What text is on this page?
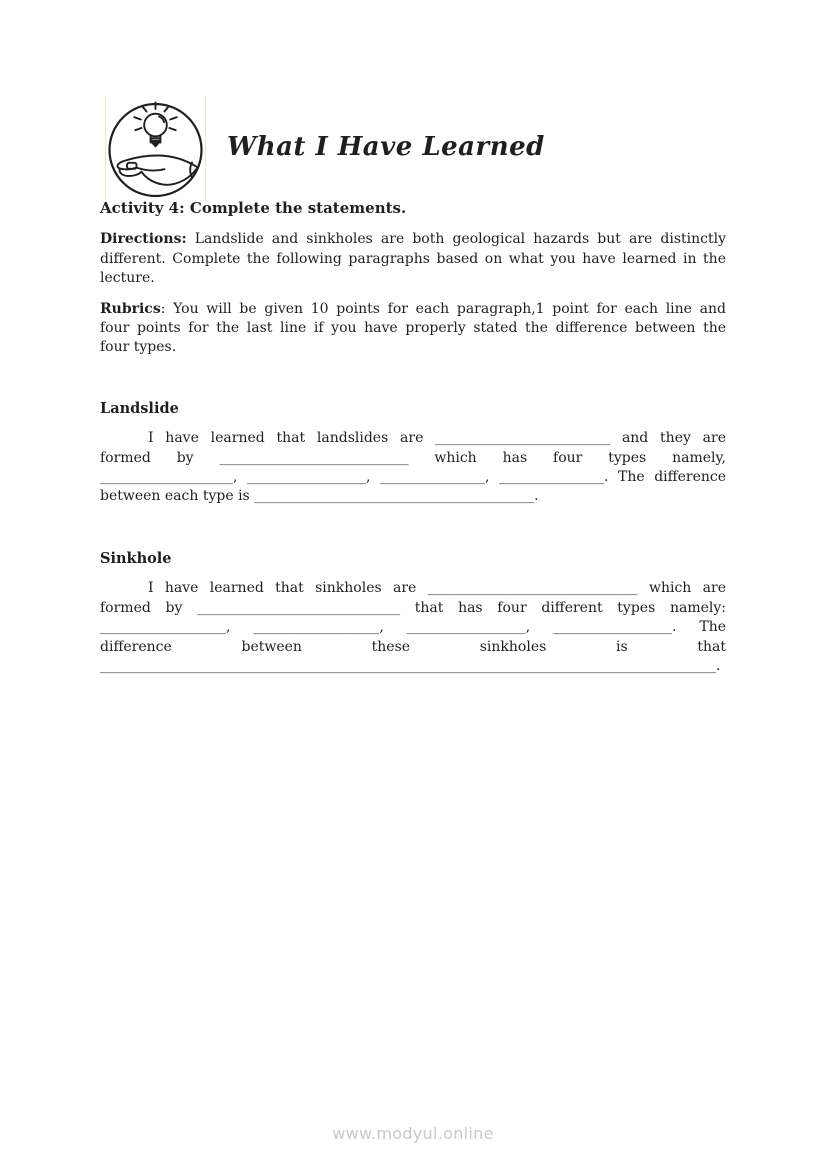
What I Have Learned
Activity 4: Complete the statements.
Directions: Landslide and sinkholes are both geological hazards but are distinctly
different. Complete the following paragraphs based on what you have learned in the
lecture.
Rubrics: You will be given 10 points for each paragraph,1 point for each line and
four points for the last line if you have properly stated the difference between the
four types.
Landslide
I have learned that landslides are _________________________ and they are
formed by ___________________________ which has four types namely,
___________________, _________________, _______________, _______________. The difference
between each type is ________________________________________.
Sinkhole
I have learned that sinkholes are ______________________________ which are
formed by _____________________________ that has four different types namely:
__________________, __________________, _________________, _________________. The
difference between these sinkholes is that
________________________________________________________________________________________.
www.modyul.online
